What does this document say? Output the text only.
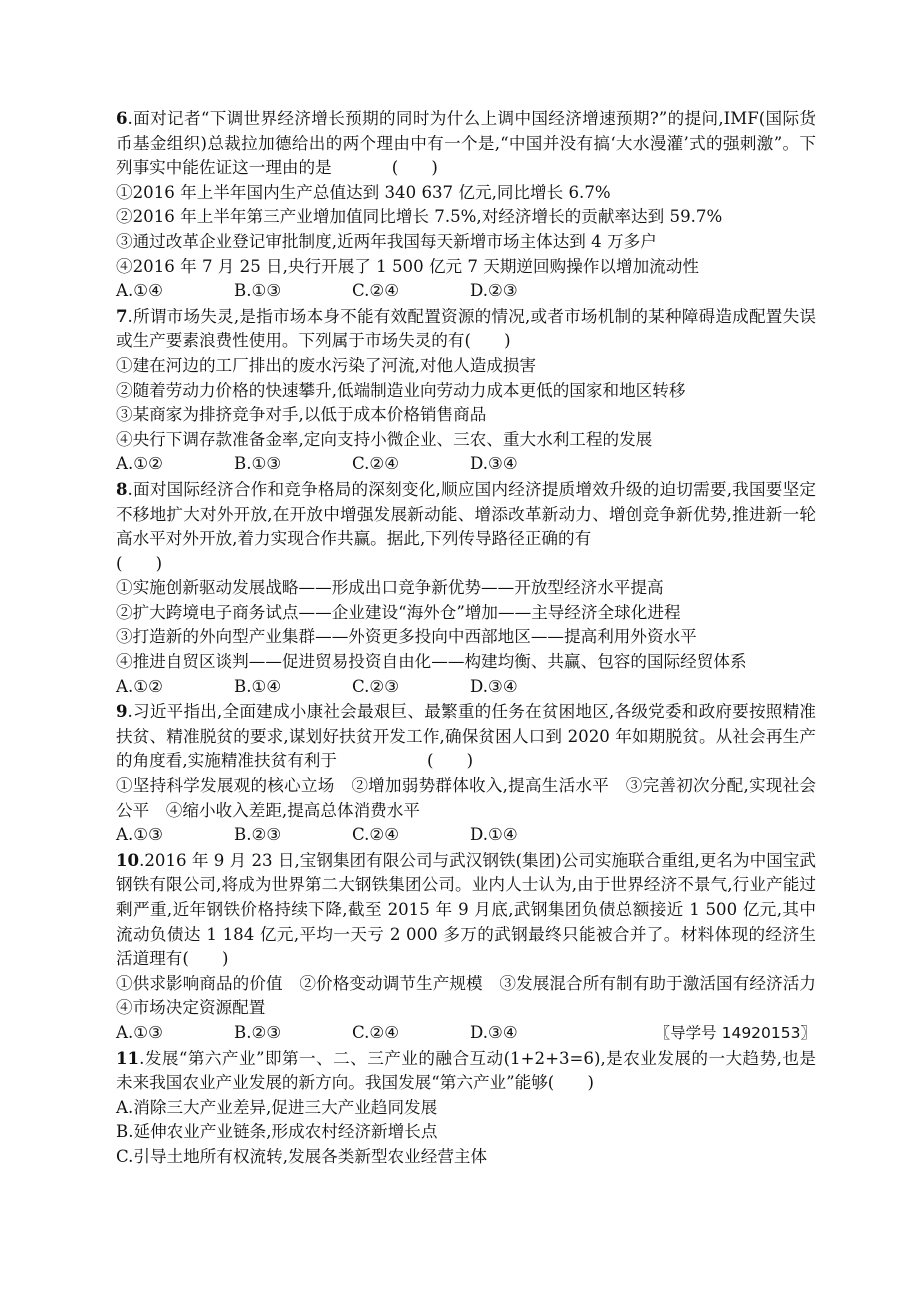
6.面对记者“下调世界经济增长预期的同时为什么上调中国经济增速预期?”的提问,IMF(国际货币基金组织)总裁拉加德给出的两个理由中有一个是,“中国并没有搞‘大水漫灌’式的强刺激”。下列事实中能佐证这一理由的是	(　　)

①2016 年上半年国内生产总值达到 340 637 亿元,同比增长 6.7%

②2016 年上半年第三产业增加值同比增长 7.5%,对经济增长的贡献率达到 59.7%

③通过改革企业登记审批制度,近两年我国每天新增市场主体达到 4 万多户

④2016 年 7 月 25 日,央行开展了 1 500 亿元 7 天期逆回购操作以增加流动性

A.①④	B.①③	C.②④	D.②③

7.所谓市场失灵,是指市场本身不能有效配置资源的情况,或者市场机制的某种障碍造成配置失误或生产要素浪费性使用。下列属于市场失灵的有(　　)

①建在河边的工厂排出的废水污染了河流,对他人造成损害

②随着劳动力价格的快速攀升,低端制造业向劳动力成本更低的国家和地区转移

③某商家为排挤竞争对手,以低于成本价格销售商品

④央行下调存款准备金率,定向支持小微企业、三农、重大水利工程的发展

A.①②	B.①③	C.②④	D.③④

8.面对国际经济合作和竞争格局的深刻变化,顺应国内经济提质增效升级的迫切需要,我国要坚定不移地扩大对外开放,在开放中增强发展新动能、增添改革新动力、增创竞争新优势,推进新一轮高水平对外开放,着力实现合作共赢。据此,下列传导路径正确的有

(　　)

①实施创新驱动发展战略——形成出口竞争新优势——开放型经济水平提高

②扩大跨境电子商务试点——企业建设“海外仓”增加——主导经济全球化进程

③打造新的外向型产业集群——外资更多投向中西部地区——提高利用外资水平

④推进自贸区谈判——促进贸易投资自由化——构建均衡、共赢、包容的国际经贸体系

A.①②	B.①④	C.②③	D.③④

9.习近平指出,全面建成小康社会最艰巨、最繁重的任务在贫困地区,各级党委和政府要按照精准扶贫、精准脱贫的要求,谋划好扶贫开发工作,确保贫困人口到 2020 年如期脱贫。从社会再生产的角度看,实施精准扶贫有利于	(　　)

①坚持科学发展观的核心立场　②增加弱势群体收入,提高生活水平　③完善初次分配,实现社会公平　④缩小收入差距,提高总体消费水平

A.①③	B.②③	C.②④	D.①④

10.2016 年 9 月 23 日,宝钢集团有限公司与武汉钢铁(集团)公司实施联合重组,更名为中国宝武钢铁有限公司,将成为世界第二大钢铁集团公司。业内人士认为,由于世界经济不景气,行业产能过剩严重,近年钢铁价格持续下降,截至 2015 年 9 月底,武钢集团负债总额接近 1 500 亿元,其中流动负债达 1 184 亿元,平均一天亏 2 000 多万的武钢最终只能被合并了。材料体现的经济生活道理有(　　)

①供求影响商品的价值　②价格变动调节生产规模　③发展混合所有制有助于激活国有经济活力　④市场决定资源配置

A.①③	B.②③	C.②④	D.③④	〖导学号 14920153〗

11.发展“第六产业”即第一、二、三产业的融合互动(1+2+3=6),是农业发展的一大趋势,也是未来我国农业产业发展的新方向。我国发展“第六产业”能够(　　)

A.消除三大产业差异,促进三大产业趋同发展

B.延伸农业产业链条,形成农村经济新增长点

C.引导土地所有权流转,发展各类新型农业经营主体
